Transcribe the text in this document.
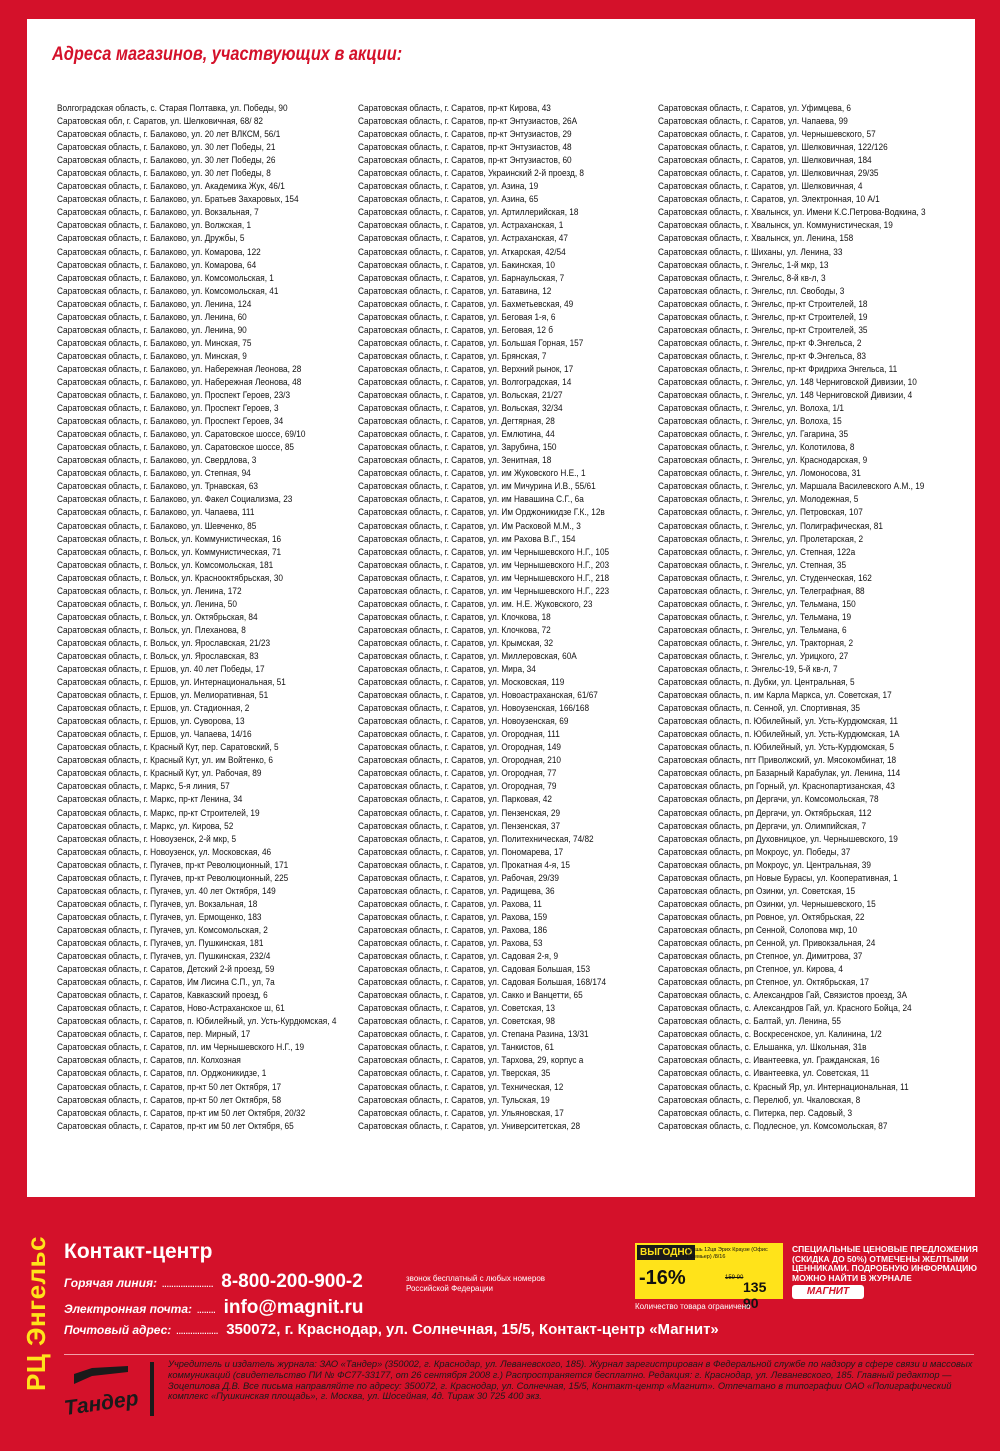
Адреса магазинов, участвующих в акции:
Волгоградская область, с. Старая Полтавка, ул. Победы, 90
Саратовская обл, г. Саратов, ул. Шелковичная, 68/ 82
Саратовская область, г. Балаково, ул. 20 лет ВЛКСМ, 56/1
Саратовская область, г. Балаково, ул. 30 лет Победы, 21
Саратовская область, г. Балаково, ул. 30 лет Победы, 26
Саратовская область, г. Балаково, ул. 30 лет Победы, 8
Саратовская область, г. Балаково, ул. Академика Жук, 46/1
Саратовская область, г. Балаково, ул. Братьев Захаровых, 154
Саратовская область, г. Балаково, ул. Вокзальная, 7
Саратовская область, г. Балаково, ул. Волжская, 1
Саратовская область, г. Балаково, ул. Дружбы, 5
Саратовская область, г. Балаково, ул. Комарова, 122
Саратовская область, г. Балаково, ул. Комарова, 64
Саратовская область, г. Балаково, ул. Комсомольская, 1
Саратовская область, г. Балаково, ул. Комсомольская, 41
Саратовская область, г. Балаково, ул. Ленина, 124
Саратовская область, г. Балаково, ул. Ленина, 60
Саратовская область, г. Балаково, ул. Ленина, 90
Саратовская область, г. Балаково, ул. Минская, 75
Саратовская область, г. Балаково, ул. Минская, 9
Саратовская область, г. Балаково, ул. Набережная Леонова, 28
Саратовская область, г. Балаково, ул. Набережная Леонова, 48
Саратовская область, г. Балаково, ул. Проспект Героев, 23/3
Саратовская область, г. Балаково, ул. Проспект Героев, 3
Саратовская область, г. Балаково, ул. Проспект Героев, 34
Саратовская область, г. Балаково, ул. Саратовское шоссе, 69/10
Саратовская область, г. Балаково, ул. Саратовское шоссе, 85
Саратовская область, г. Балаково, ул. Свердлова, 3
Саратовская область, г. Балаково, ул. Степная, 94
Саратовская область, г. Балаково, ул. Трнавская, 63
Саратовская область, г. Балаково, ул. Факел Социализма, 23
Саратовская область, г. Балаково, ул. Чапаева, 111
Саратовская область, г. Балаково, ул. Шевченко, 85
Саратовская область, г. Вольск, ул. Коммунистическая, 16
Саратовская область, г. Вольск, ул. Коммунистическая, 71
Саратовская область, г. Вольск, ул. Комсомольская, 181
Саратовская область, г. Вольск, ул. Краснооктябрьская, 30
Саратовская область, г. Вольск, ул. Ленина, 172
Саратовская область, г. Вольск, ул. Ленина, 50
Саратовская область, г. Вольск, ул. Октябрьская, 84
Саратовская область, г. Вольск, ул. Плеханова, 8
Саратовская область, г. Вольск, ул. Ярославская, 21/23
Саратовская область, г. Вольск, ул. Ярославская, 83
Саратовская область, г. Ершов, ул. 40 лет Победы, 17
Саратовская область, г. Ершов, ул. Интернациональная, 51
Саратовская область, г. Ершов, ул. Мелиоративная, 51
Саратовская область, г. Ершов, ул. Стадионная, 2
Саратовская область, г. Ершов, ул. Суворова, 13
Саратовская область, г. Ершов, ул. Чапаева, 14/16
Саратовская область, г. Красный Кут, пер. Саратовский, 5
Саратовская область, г. Красный Кут, ул. им Войтенко, 6
Саратовская область, г. Красный Кут, ул. Рабочая, 89
Саратовская область, г. Маркс, 5-я линия, 57
Саратовская область, г. Маркс, пр-кт Ленина, 34
Саратовская область, г. Маркс, пр-кт Строителей, 19
Саратовская область, г. Маркс, ул. Кирова, 52
Саратовская область, г. Новоузенск, 2-й мкр, 5
Саратовская область, г. Новоузенск, ул. Московская, 46
Саратовская область, г. Пугачев, пр-кт Революционный, 171
Саратовская область, г. Пугачев, пр-кт Революционный, 225
Саратовская область, г. Пугачев, ул. 40 лет Октября, 149
Саратовская область, г. Пугачев, ул. Вокзальная, 18
Саратовская область, г. Пугачев, ул. Ермощенко, 183
Саратовская область, г. Пугачев, ул. Комсомольская, 2
Саратовская область, г. Пугачев, ул. Пушкинская, 181
Саратовская область, г. Пугачев, ул. Пушкинская, 232/4
Саратовская область, г. Саратов, Детский 2-й проезд, 59
Саратовская область, г. Саратов, Им Лисина С.П., ул, 7а
Саратовская область, г. Саратов, Кавказский проезд, 6
Саратовская область, г. Саратов, Ново-Астраханское ш, 61
Саратовская область, г. Саратов, п. Юбилейный, ул. Усть-Курдюмская, 4
Саратовская область, г. Саратов, пер. Мирный, 17
Саратовская область, г. Саратов, пл. им Чернышевского Н.Г., 19
Саратовская область, г. Саратов, пл. Колхозная
Саратовская область, г. Саратов, пл. Орджоникидзе, 1
Саратовская область, г. Саратов, пр-кт 50 лет Октября, 17
Саратовская область, г. Саратов, пр-кт 50 лет Октября, 58
Саратовская область, г. Саратов, пр-кт им 50 лет Октября, 20/32
Саратовская область, г. Саратов, пр-кт им 50 лет Октября, 65
Саратовская область, г. Саратов, пр-кт Кирова, 43
Саратовская область, г. Саратов, пр-кт Энтузиастов, 26А
Саратовская область, г. Саратов, пр-кт Энтузиастов, 29
Саратовская область, г. Саратов, пр-кт Энтузиастов, 48
Саратовская область, г. Саратов, пр-кт Энтузиастов, 60
Саратовская область, г. Саратов, Украинский 2-й проезд, 8
Саратовская область, г. Саратов, ул. Азина, 19
Саратовская область, г. Саратов, ул. Азина, 65
Саратовская область, г. Саратов, ул. Артиллерийская, 18
Саратовская область, г. Саратов, ул. Астраханская, 1
Саратовская область, г. Саратов, ул. Астраханская, 47
Саратовская область, г. Саратов, ул. Аткарская, 42/54
Саратовская область, г. Саратов, ул. Бакинская, 10
Саратовская область, г. Саратов, ул. Барнаульская, 7
Саратовская область, г. Саратов, ул. Батавина, 12
Саратовская область, г. Саратов, ул. Бахметьевская, 49
Саратовская область, г. Саратов, ул. Беговая 1-я, 6
Саратовская область, г. Саратов, ул. Беговая, 12 б
Саратовская область, г. Саратов, ул. Большая Горная, 157
Саратовская область, г. Саратов, ул. Брянская, 7
Саратовская область, г. Саратов, ул. Верхний рынок, 17
Саратовская область, г. Саратов, ул. Волгоградская, 14
Саратовская область, г. Саратов, ул. Вольская, 21/27
Саратовская область, г. Саратов, ул. Вольская, 32/34
Саратовская область, г. Саратов, ул. Дегтярная, 28
Саратовская область, г. Саратов, ул. Емлютина, 44
Саратовская область, г. Саратов, ул. Зарубина, 150
Саратовская область, г. Саратов, ул. Зенитная, 18
Саратовская область, г. Саратов, ул. им Жуковского Н.Е., 1
Саратовская область, г. Саратов, ул. им Мичурина И.В., 55/61
Саратовская область, г. Саратов, ул. им Навашина С.Г., 6а
Саратовская область, г. Саратов, ул. Им Орджоникидзе Г.К., 12в
Саратовская область, г. Саратов, ул. Им Расковой М.М., 3
Саратовская область, г. Саратов, ул. им Рахова В.Г., 154
Саратовская область, г. Саратов, ул. им Чернышевского Н.Г., 105
Саратовская область, г. Саратов, ул. им Чернышевского Н.Г., 203
Саратовская область, г. Саратов, ул. им Чернышевского Н.Г., 218
Саратовская область, г. Саратов, ул. им Чернышевского Н.Г., 223
Саратовская область, г. Саратов, ул. им. Н.Е. Жуковского, 23
Саратовская область, г. Саратов, ул. Клочкова, 18
Саратовская область, г. Саратов, ул. Клочкова, 72
Саратовская область, г. Саратов, ул. Крымская, 32
Саратовская область, г. Саратов, ул. Миллеровская, 60А
Саратовская область, г. Саратов, ул. Мира, 34
Саратовская область, г. Саратов, ул. Московская, 119
Саратовская область, г. Саратов, ул. Новоастраханская, 61/67
Саратовская область, г. Саратов, ул. Новоузенская, 166/168
Саратовская область, г. Саратов, ул. Новоузенская, 69
Саратовская область, г. Саратов, ул. Огородная, 111
Саратовская область, г. Саратов, ул. Огородная, 149
Саратовская область, г. Саратов, ул. Огородная, 210
Саратовская область, г. Саратов, ул. Огородная, 77
Саратовская область, г. Саратов, ул. Огородная, 79
Саратовская область, г. Саратов, ул. Парковая, 42
Саратовская область, г. Саратов, ул. Пензенская, 29
Саратовская область, г. Саратов, ул. Пензенская, 37
Саратовская область, г. Саратов, ул. Политехническая, 74/82
Саратовская область, г. Саратов, ул. Пономарева, 17
Саратовская область, г. Саратов, ул. Прокатная 4-я, 15
Саратовская область, г. Саратов, ул. Рабочая, 29/39
Саратовская область, г. Саратов, ул. Радищева, 36
Саратовская область, г. Саратов, ул. Рахова, 11
Саратовская область, г. Саратов, ул. Рахова, 159
Саратовская область, г. Саратов, ул. Рахова, 186
Саратовская область, г. Саратов, ул. Рахова, 53
Саратовская область, г. Саратов, ул. Садовая 2-я, 9
Саратовская область, г. Саратов, ул. Садовая Большая, 153
Саратовская область, г. Саратов, ул. Садовая Большая, 168/174
Саратовская область, г. Саратов, ул. Сакко и Ванцетти, 65
Саратовская область, г. Саратов, ул. Советская, 13
Саратовская область, г. Саратов, ул. Советская, 98
Саратовская область, г. Саратов, ул. Степана Разина, 13/31
Саратовская область, г. Саратов, ул. Танкистов, 61
Саратовская область, г. Саратов, ул. Тархова, 29, корпус а
Саратовская область, г. Саратов, ул. Тверская, 35
Саратовская область, г. Саратов, ул. Техническая, 12
Саратовская область, г. Саратов, ул. Тульская, 19
Саратовская область, г. Саратов, ул. Ульяновская, 17
Саратовская область, г. Саратов, ул. Университетская, 28
Саратовская область, г. Саратов, ул. Уфимцева, 6
Саратовская область, г. Саратов, ул. Чапаева, 99
Саратовская область, г. Саратов, ул. Чернышевского, 57
Саратовская область, г. Саратов, ул. Шелковичная, 122/126
Саратовская область, г. Саратов, ул. Шелковичная, 184
Саратовская область, г. Саратов, ул. Шелковичная, 29/35
Саратовская область, г. Саратов, ул. Шелковичная, 4
Саратовская область, г. Саратов, ул. Электронная, 10 А/1
Саратовская область, г. Хвалынск, ул. Имени К.С.Петрова-Водкина, 3
Саратовская область, г. Хвалынск, ул. Коммунистическая, 19
Саратовская область, г. Хвалынск, ул. Ленина, 158
Саратовская область, г. Шиханы, ул. Ленина, 33
Саратовская область, г. Энгельс, 1-й мкр, 13
Саратовская область, г. Энгельс, 8-й кв-л, 3
Саратовская область, г. Энгельс, пл. Свободы, 3
Саратовская область, г. Энгельс, пр-кт Строителей, 18
Саратовская область, г. Энгельс, пр-кт Строителей, 19
Саратовская область, г. Энгельс, пр-кт Строителей, 35
Саратовская область, г. Энгельс, пр-кт Ф.Энгельса, 2
Саратовская область, г. Энгельс, пр-кт Ф.Энгельса, 83
Саратовская область, г. Энгельс, пр-кт Фридриха Энгельса, 11
Саратовская область, г. Энгельс, ул. 148 Черниговской Дивизии, 10
Саратовская область, г. Энгельс, ул. 148 Черниговской Дивизии, 4
Саратовская область, г. Энгельс, ул. Волоха, 1/1
Саратовская область, г. Энгельс, ул. Волоха, 15
Саратовская область, г. Энгельс, ул. Гагарина, 35
Саратовская область, г. Энгельс, ул. Колотилова, 8
Саратовская область, г. Энгельс, ул. Краснодарская, 9
Саратовская область, г. Энгельс, ул. Ломоносова, 31
Саратовская область, г. Энгельс, ул. Маршала Василевского А.М., 19
Саратовская область, г. Энгельс, ул. Молодежная, 5
Саратовская область, г. Энгельс, ул. Петровская, 107
Саратовская область, г. Энгельс, ул. Полиграфическая, 81
Саратовская область, г. Энгельс, ул. Пролетарская, 2
Саратовская область, г. Энгельс, ул. Степная, 122а
Саратовская область, г. Энгельс, ул. Степная, 35
Саратовская область, г. Энгельс, ул. Студенческая, 162
Саратовская область, г. Энгельс, ул. Телеграфная, 88
Саратовская область, г. Энгельс, ул. Тельмана, 150
Саратовская область, г. Энгельс, ул. Тельмана, 19
Саратовская область, г. Энгельс, ул. Тельмана, 6
Саратовская область, г. Энгельс, ул. Тракторная, 2
Саратовская область, г. Энгельс, ул. Урицкого, 27
Саратовская область, г. Энгельс-19, 5-й кв-л, 7
Саратовская область, п. Дубки, ул. Центральная, 5
Саратовская область, п. им Карла Маркса, ул. Советская, 17
Саратовская область, п. Сенной, ул. Спортивная, 35
Саратовская область, п. Юбилейный, ул. Усть-Курдюмская, 11
Саратовская область, п. Юбилейный, ул. Усть-Курдюмская, 1А
Саратовская область, п. Юбилейный, ул. Усть-Курдюмская, 5
Саратовская область, пгт Приволжский, ул. Мясокомбинат, 18
Саратовская область, рп Базарный Карабулак, ул. Ленина, 114
Саратовская область, рп Горный, ул. Краснопартизанская, 43
Саратовская область, рп Дергачи, ул. Комсомольская, 78
Саратовская область, рп Дергачи, ул. Октябрьская, 112
Саратовская область, рп Дергачи, ул. Олимпийская, 7
Саратовская область, рп Духовницкое, ул. Чернышевского, 19
Саратовская область, рп Мокроус, ул. Победы, 37
Саратовская область, рп Мокроус, ул. Центральная, 39
Саратовская область, рп Новые Бурасы, ул. Кооперативная, 1
Саратовская область, рп Озинки, ул. Советская, 15
Саратовская область, рп Озинки, ул. Чернышевского, 15
Саратовская область, рп Ровное, ул. Октябрьская, 22
Саратовская область, рп Сенной, Солопова мкр, 10
Саратовская область, рп Сенной, ул. Привокзальная, 24
Саратовская область, рп Степное, ул. Димитрова, 37
Саратовская область, рп Степное, ул. Кирова, 4
Саратовская область, рп Степное, ул. Октябрьская, 17
Саратовская область, с. Александров Гай, Связистов проезд, 3А
Саратовская область, с. Александров Гай, ул. Красного Бойца, 24
Саратовская область, с. Балтай, ул. Ленина, 55
Саратовская область, с. Воскресенское, ул. Калинина, 1/2
Саратовская область, с. Ельшанка, ул. Школьная, 31в
Саратовская область, с. Ивантеевка, ул. Гражданская, 16
Саратовская область, с. Ивантеевка, ул. Советская, 11
Саратовская область, с. Красный Яр, ул. Интернациональная, 11
Саратовская область, с. Перелюб, ул. Чкаловская, 8
Саратовская область, с. Питерка, пер. Садовый, 3
Саратовская область, с. Подлесное, ул. Комсомольская, 87
РЦ Энгельс Контакт-центр
Горячая линия: ...................... 8-800-200-900-2	звонок бесплатный с любых номеров Российской Федерации
Электронная почта: ........ info@magnit.ru
Почтовый адрес: .................. 350072, г. Краснодар, ул. Солнечная, 15/5, Контакт-центр «Магнит»
ВЫГОДНО
-16%
Гуашь 12цв Эрих Краузе (Офис Премьер) /8/16
159 90
135 90
Количество товара ограничено
СПЕЦИАЛЬНЫЕ ЦЕНОВЫЕ ПРЕДЛОЖЕНИЯ (СКИДКА ДО 50%) ОТМЕЧЕНЫ ЖЕЛТЫМИ ЦЕННИКАМИ. ПОДРОБНУЮ ИНФОРМАЦИЮ МОЖНО НАЙТИ В ЖУРНАЛЕ
МАГНИТ
Тандер
Учредитель и издатель журнала: ЗАО «Тандер» (350002, г. Краснодар, ул. Леваневского, 185). Журнал зарегистрирован в Федеральной службе по надзору в сфере связи и массовых коммуникаций (свидетельство ПИ № ФС77-33177, от 26 сентября 2008 г.) Распространяется бесплатно. Редакция: г. Краснодар, ул. Леваневского, 185. Главный редактор — Зоцепилова Д.В. Все письма направляйте по адресу: 350072, г. Краснодар, ул. Солнечная, 15/5, Контакт-центр «Магнит». Отпечатано в типографии ОАО «Полиграфический комплекс «Пушкинская площадь», г. Москва, ул. Шосейная, 4д. Тираж 30 725 400 экз.
